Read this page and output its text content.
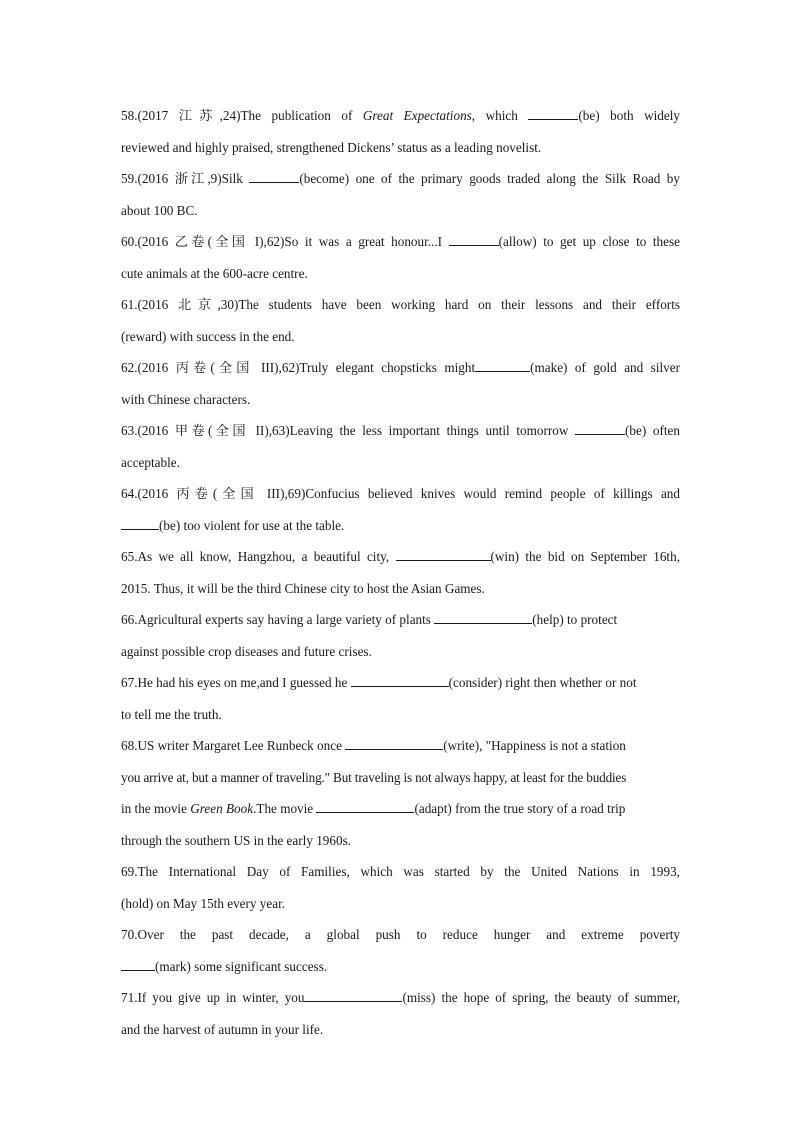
58.(2017 江苏,24)The publication of Great Expectations, which	(be) both widely
reviewed and highly praised, strengthened Dickens’ status as a leading novelist.
59.(2016 浙江,9)Silk	(become) one of the primary goods traded along the Silk Road by
about 100 BC.
60.(2016 乙卷(全国 I),62)So it was a great honour...I	(allow) to get up close to these
cute animals at the 600-acre centre.
61.(2016 北京,30)The students have been working hard on their lessons and their efforts
(reward) with success in the end.
62.(2016 丙卷(全国 III),62)Truly elegant chopsticks might	(make) of gold and silver
with Chinese characters.
63.(2016 甲卷(全国 II),63)Leaving the less important things until tomorrow	(be) often
acceptable.
64.(2016 丙卷(全国 III),69)Confucius believed knives would remind people of killings and
(be) too violent for use at the table.
65.As we all know, Hangzhou, a beautiful city,	(win) the bid on September 16th,
2015. Thus, it will be the third Chinese city to host the Asian Games.
66.Agricultural experts say having a large variety of plants	(help) to protect
against possible crop diseases and future crises.
67.He had his eyes on me,and I guessed he	(consider) right then whether or not
to tell me the truth.
68.US writer Margaret Lee Runbeck once	(write), "Happiness is not a station
you arrive at, but a manner of traveling." But traveling is not always happy, at least for the buddies
in the movie Green Book.The movie	(adapt) from the true story of a road trip
through the southern US in the early 1960s.
69.The International Day of Families, which was started by the United Nations in 1993,
(hold) on May 15th every year.
70.Over the past decade, a global push to reduce hunger and extreme poverty
(mark) some significant success.
71.If you give up in winter, you	(miss) the hope of spring, the beauty of summer,
and the harvest of autumn in your life.
